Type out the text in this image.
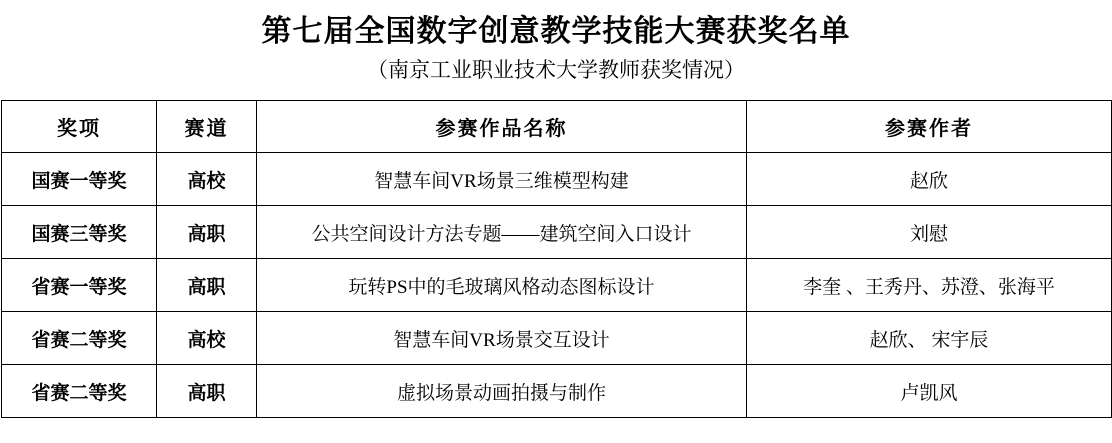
第七届全国数字创意教学技能大赛获奖名单
（南京工业职业技术大学教师获奖情况）
奖项	赛道	参赛作品名称	参赛作者
国赛一等奖	高校	智慧车间VR场景三维模型构建	赵欣
国赛三等奖	高职	公共空间设计方法专题——建筑空间入口设计	刘慰
省赛一等奖	高职	玩转PS中的毛玻璃风格动态图标设计	李奎 、王秀丹、苏澄、张海平
省赛二等奖	高校	智慧车间VR场景交互设计	赵欣、 宋宇辰
省赛二等奖	高职	虚拟场景动画拍摄与制作	卢凯风
